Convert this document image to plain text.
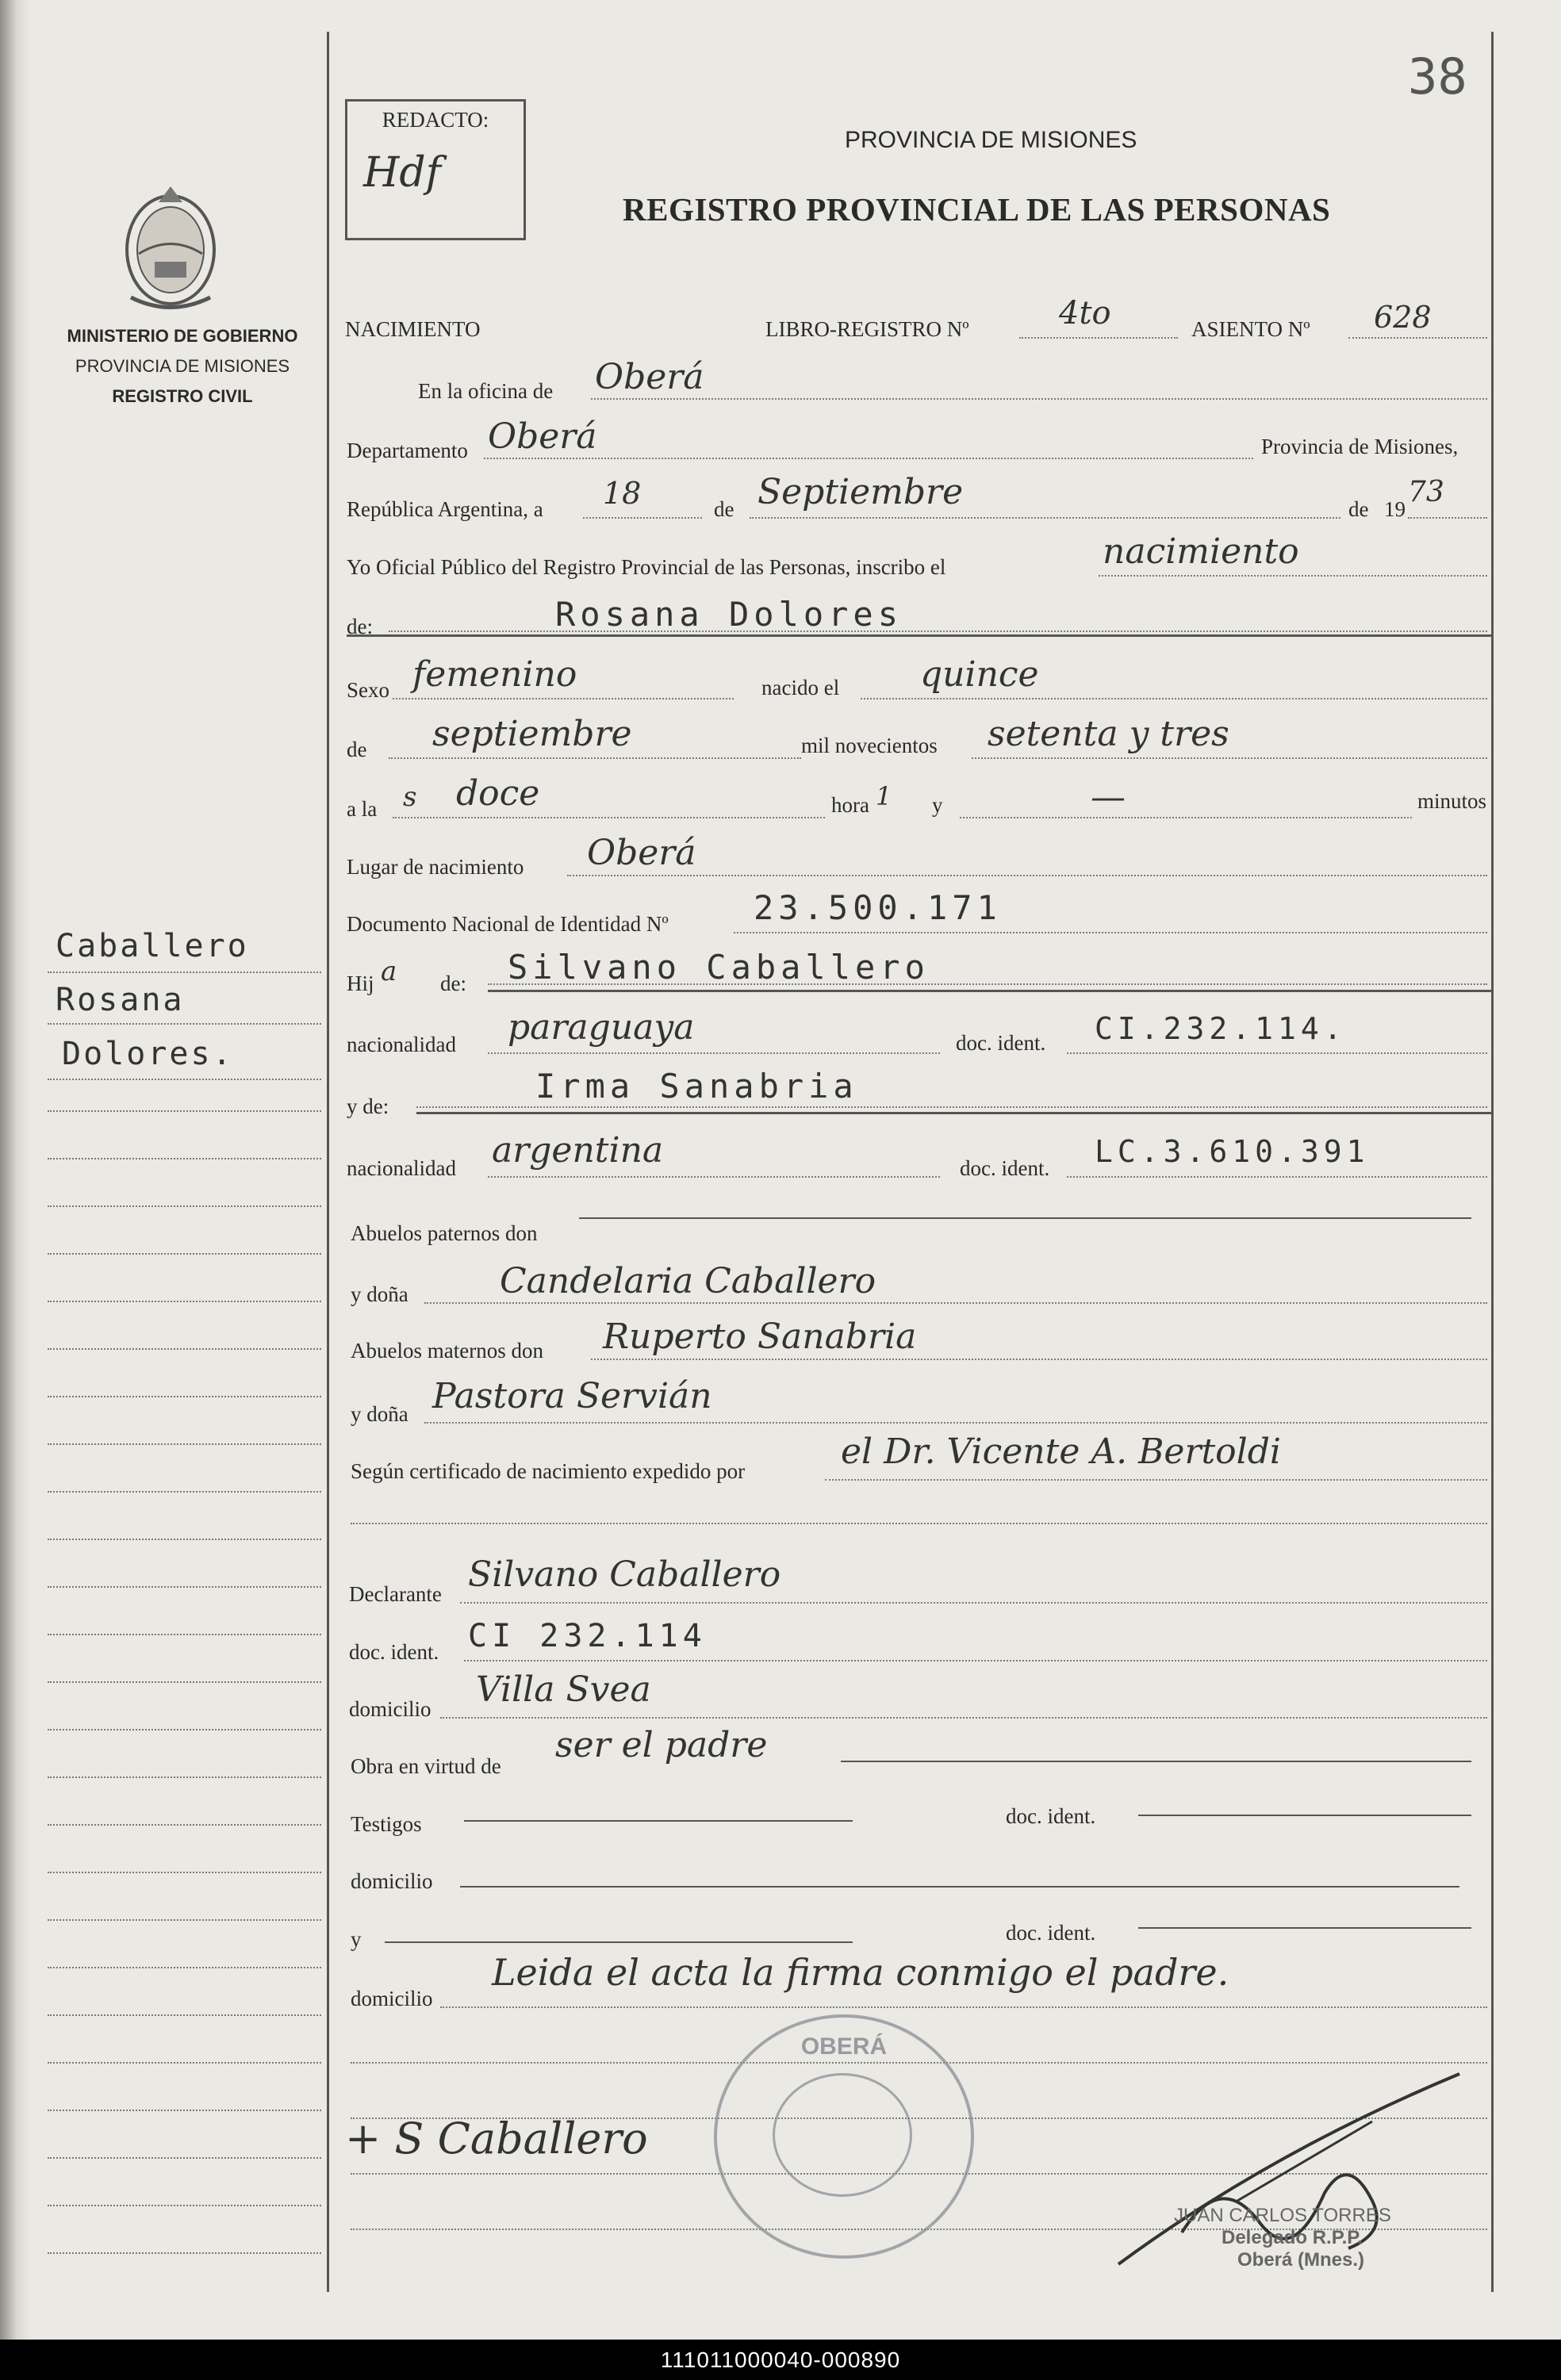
38
MINISTERIO DE GOBIERNO
PROVINCIA DE MISIONES
REGISTRO CIVIL
Caballero
Rosana
Dolores.
REDACTO:
Hdf
PROVINCIA DE MISIONES
REGISTRO PROVINCIAL DE LAS PERSONAS
NACIMIENTO	LIBRO-REGISTRO Nº	4to	ASIENTO Nº 628
En la oficina de Oberá
Departamento Oberá	Provincia de Misiones,
República Argentina, a 18	de Septiembre	de 19
73
Yo Oficial Público del Registro Provincial de las Personas, inscribo el	nacimiento
de:	Rosana Dolores
Sexo femenino	nacido el quince
de septiembre	mil novecientos setenta y tres
a la s doce	hora 1 y	—	minutos
Lugar de nacimiento Oberá
Documento Nacional de Identidad Nº	23.500.171
Hij a de: Silvano Caballero
nacionalidad paraguaya	doc. ident. CI.232.114.
y de:
Irma Sanabria
nacionalidad argentina	doc. ident. LC.3.610.391
Abuelos paternos don
y doña	Candelaria Caballero
Abuelos maternos don Ruperto Sanabria
y doña Pastora Servián
Según certificado de nacimiento expedido por	el Dr. Vicente A. Bertoldi
Declarante Silvano Caballero
doc. ident. CI 232.114
domicilio Villa Svea
Obra en virtud de
ser el padre
Testigos	doc. ident.
domicilio
y	doc. ident.
domicilio
Leida el acta la firma conmigo el padre.
+ S Caballero
OBERÁ
JUAN CARLOS TORRES
Delegado R.P.P.
Oberá (Mnes.)
111011000040-000890
